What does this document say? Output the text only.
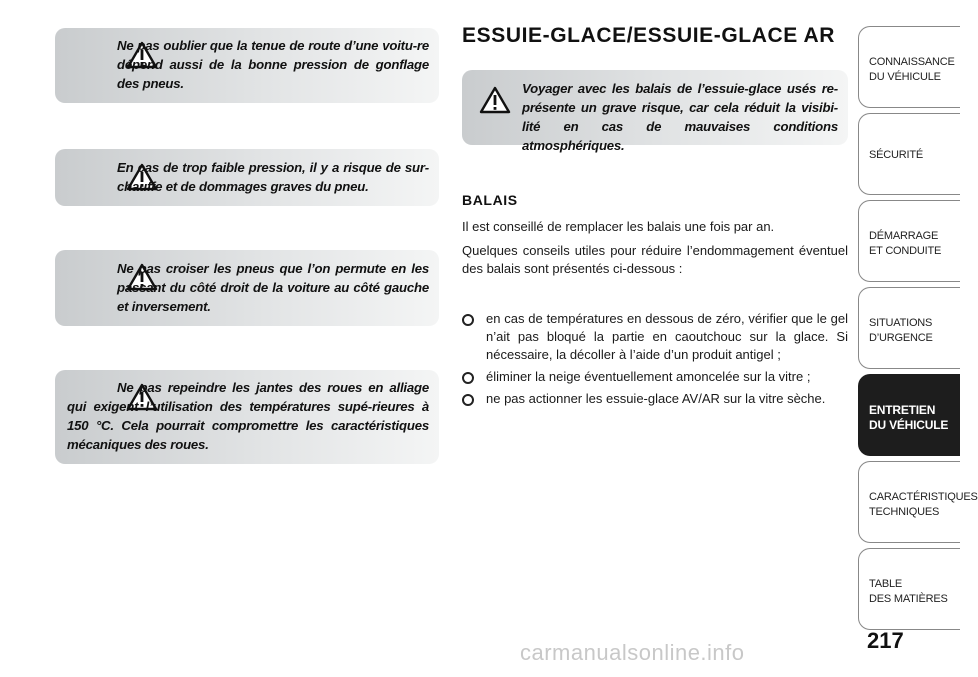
Ne pas oublier que la tenue de route d’une voitu-re dépend aussi de la bonne pression de gonflage des pneus.

En cas de trop faible pression, il y a risque de sur-chauffe et de dommages graves du pneu.

Ne pas croiser les pneus que l’on permute en les passant du côté droit de la voiture au côté gauche et inversement.

Ne pas repeindre les jantes des roues en alliage qui exigent l’utilisation des températures supé-rieures à 150 °C. Cela pourrait compromettre les caractéristiques mécaniques des roues.

ESSUIE-GLACE/ESSUIE-GLACE AR

Voyager avec les balais de l’essuie-glace usés re-présente un grave risque, car cela réduit la visibi-lité en cas de mauvaises conditions atmosphériques.

BALAIS

Il est conseillé de remplacer les balais une fois par an.

Quelques conseils utiles pour réduire l’endommagement éventuel des balais sont présentés ci-dessous :

en cas de températures en dessous de zéro, vérifier que le gel n’ait pas bloqué la partie en caoutchouc sur la glace. Si nécessaire, la décoller à l’aide d’un produit antigel ;
éliminer la neige éventuellement amoncelée sur la vitre ;
ne pas actionner les essuie-glace AV/AR sur la vitre sèche.
CONNAISSANCE
DU VÉHICULE
SÉCURITÉ
DÉMARRAGE
ET CONDUITE
SITUATIONS
D’URGENCE
ENTRETIEN
DU VÉHICULE
CARACTÉRISTIQUES
TECHNIQUES
TABLE
DES MATIÈRES
217
carmanualsonline.info
